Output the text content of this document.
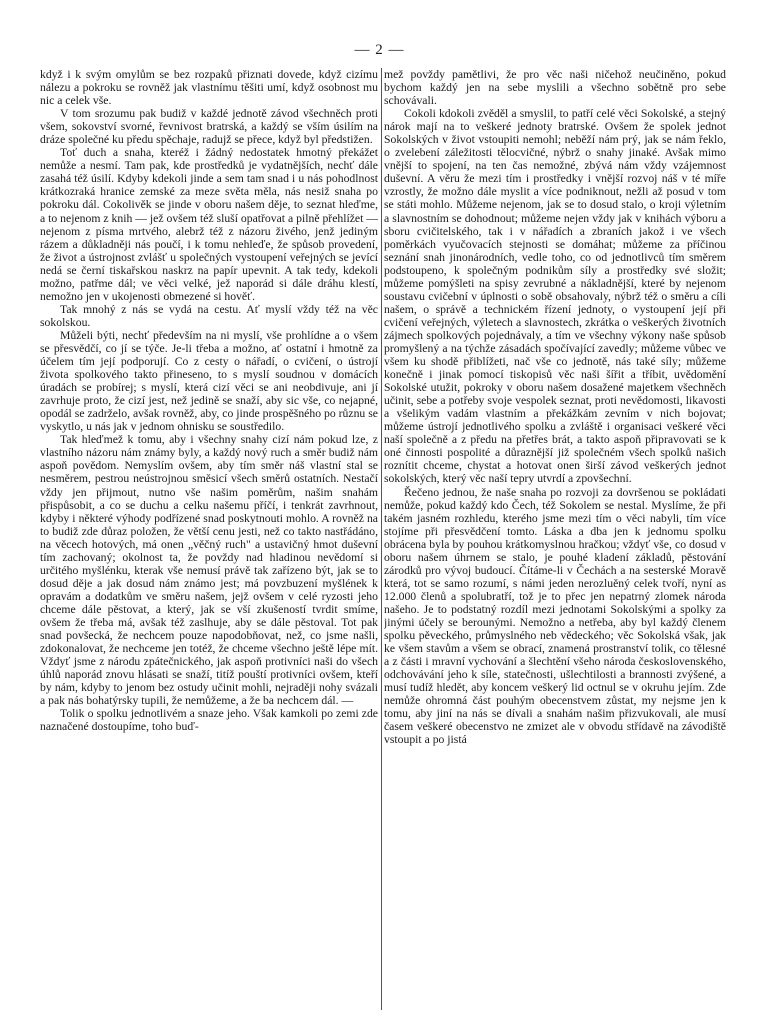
— 2 —

když i k svým omylům se bez rozpaků přiznati dovede, když cizímu nálezu a pokroku se rovněž jak vlastnímu těšiti umí, když osobnost mu nic a celek vše.

V tom srozumu pak budiž v každé jednotě závod všechněch proti všem, sokovství svorné, řevnivost bratrská, a každý se vším úsilím na dráze společné ku předu spěchaje, radujž se přece, když byl předstižen.

Toť duch a snaha, kteréž i žádný nedostatek hmotný překážet nemůže a nesmí. Tam pak, kde prostředků je vydatnějších, nechť dále zasahá též úsilí. Kdyby kdekoli jinde a sem tam snad i u nás pohodlnost krátkozraká hranice zemské za meze světa měla, nás nesiž snaha po pokroku dál. Cokolivěk se jinde v oboru našem děje, to seznat hleďme, a to nejenom z knih — jež ovšem též sluší opatřovat a pilně přehlížet — nejenom z písma mrtvého, alebrž též z názoru živého, jenž jediným rázem a důkladněji nás poučí, i k tomu nehleďe, že spůsob provedení, že život a ústrojnost zvlášť u společných vystoupení veřejných se jevící nedá se černí tiskařskou naskrz na papír upevnit. A tak tedy, kdekoli možno, patřme dál; ve věci velké, jež naporád si dále dráhu klestí, nemožno jen v ukojenosti obmezené si hověť.

Tak mnohý z nás se vydá na cestu. Ať myslí vždy též na věc sokolskou.

Můželi býti, nechť především na ni myslí, vše prohlídne a o všem se přesvědčí, co jí se týče. Je-li třeba a možno, ať ostatní i hmotně za účelem tím její podporují. Co z cesty o nářadí, o cvičení, o ústrojí života spolkového takto přineseno, to s myslí soudnou v domácích úradách se probírej; s myslí, která cizí věci se ani neobdivuje, ani jí zavrhuje proto, že cizí jest, než jedině se snaží, aby sic vše, co nejapné, opodál se zadrželo, avšak rovněž, aby, co jinde prospěšného po různu se vyskytlo, u nás jak v jednom ohnisku se soustředilo.

Tak hleďmež k tomu, aby i všechny snahy cizí nám pokud lze, z vlastního názoru nám známy byly, a každý nový ruch a směr budiž nám aspoň povědom. Nemyslím ovšem, aby tím směr náš vlastní stal se nesměrem, pestrou neústrojnou směsicí všech směrů ostatních. Nestačí vždy jen přijmout, nutno vše našim poměrům, našim snahám přispůsobit, a co se duchu a celku našemu příčí, i tenkrát zavrhnout, kdyby i některé výhody podřízené snad poskytnouti mohlo. A rovněž na to budiž zde důraz položen, že větší cenu jesti, než co takto nastřádáno, na věcech hotových, má onen „věčný ruch" a ustavičný hmot duševní tím zachovaný; okolnost ta, že povždy nad hladinou nevědomí si určitého myšlénku, kterak vše nemusí právě tak zařízeno být, jak se to dosud děje a jak dosud nám známo jest; má povzbuzení myšlének k opravám a dodatkům ve směru našem, jejž ovšem v celé ryzosti jeho chceme dále pěstovat, a který, jak se vší zkušeností tvrdit smíme, ovšem že třeba má, avšak též zaslhuje, aby se dále pěstoval. Tot pak snad povšecká, že nechcem pouze napodobňovat, než, co jsme našli, zdokonalovat, že nechceme jen totéž, že chceme všechno ještě lépe mít. Vždyť jsme z národu zpátečnického, jak aspoň protivníci naši do všech úhlů naporád znovu hlásati se snaží, titíž pouští protivníci ovšem, kteří by nám, kdyby to jenom bez ostudy učinit mohli, nejraději nohy svázali a pak nás bohatýrsky tupili, že nemůžeme, a že ba nechcem dál. —

Tolik o spolku jednotlivém a snaze jeho. Však kamkoli po zemi zde naznačené dostoupíme, toho buď-

mež povždy pamětlivi, že pro věc naši ničehož neučiněno, pokud bychom každý jen na sebe myslili a všechno sobětně pro sebe schovávali.

Cokoli kdokoli zvěděl a smyslil, to patří celé věci Sokolské, a stejný nárok mají na to veškeré jednoty bratrské. Ovšem že spolek jednot Sokolských v život vstoupiti nemohl; neběží nám prý, jak se nám řeklo, o zvelebení záležitosti tělocvičné, nýbrž o snahy jinaké. Avšak mimo vnější to spojení, na ten čas nemožné, zbývá nám vždy vzájemnost duševní. A věru že mezi tím i prostředky i vnější rozvoj náš v té míře vzrostly, že možno dále myslit a více podniknout, nežli až posud v tom se státi mohlo. Můžeme nejenom, jak se to dosud stalo, o kroji výletním a slavnostním se dohodnout; můžeme nejen vždy jak v knihách výboru a sboru cvičitelského, tak i v nářadích a zbraních jakož i ve všech poměrkách vyučovacích stejnosti se domáhat; můžeme za příčinou seznání snah jinonárodních, vedle toho, co od jednotlivců tím směrem podstoupeno, k společným podnikům síly a prostředky své složit; můžeme pomýšleti na spisy zevrubné a nákladnější, které by nejenom soustavu cvičební v úplnosti o sobě obsahovaly, nýbrž též o směru a cíli našem, o správě a technickém řízení jednoty, o vystoupení její při cvičení veřejných, výletech a slavnostech, zkrátka o veškerých životních zájmech spolkových pojednávaly, a tím ve všechny výkony naše spůsob promyšlený a na týchže zásadách spočívající zavedly; můžeme vůbec ve všem ku shodě přiblížeti, nač vše co jednotě, nás také síly; můžeme konečně i jinak pomocí tiskopisů věc naši šířit a tříbit, uvědomění Sokolské utužit, pokroky v oboru našem dosažené majetkem všechněch učinit, sebe a potřeby svoje vespolek seznat, proti nevědomosti, likavosti a všelikým vadám vlastním a překážkám zevním v nich bojovat; můžeme ústrojí jednotlivého spolku a zvláště i organisaci veškeré věci naší společně a z předu na přetřes brát, a takto aspoň připravovati se k oné činnosti pospolité a důraznější již společném všech spolků našich roznítit chceme, chystat a hotovat onen širší závod veškerých jednot sokolských, který věc naší tepry utvrdí a zpovšechní.

Řečeno jednou, že naše snaha po rozvoji za dovršenou se pokládati nemůže, pokud každý kdo Čech, též Sokolem se nestal. Myslíme, že při takém jasném rozhledu, kterého jsme mezi tím o věci nabyli, tím více stojíme při přesvědčení tomto. Láska a dba jen k jednomu spolku obrácena byla by pouhou krátkomyslnou hračkou; vždyť vše, co dosud v oboru našem úhrnem se stalo, je pouhé kladení základů, pěstování zárodků pro vývoj budoucí. Čítáme-li v Čechách a na sesterské Moravě která, tot se samo rozumí, s námi jeden nerozluěný celek tvoří, nyní as 12.000 členů a spolubratří, tož je to přec jen nepatrný zlomek národa našeho. Je to podstatný rozdíl mezi jednotami Sokolskými a spolky za jinými účely se berounými. Nemožno a netřeba, aby byl každý členem spolku pěveckého, průmyslného neb vědeckého; věc Sokolská však, jak ke všem stavům a všem se obrací, znamená prostranství tolik, co tělesné a z části i mravní vychování a šlechtění všeho národa československého, odchovávání jeho k síle, statečnosti, ušlechtilosti a brannosti zvýšené, a musí tudíž hledět, aby koncem veškerý lid octnul se v okruhu jejím. Zde nemůže ohromná část pouhým obecenstvem zůstat, my nejsme jen k tomu, aby jiní na nás se dívali a snahám našim přizvukovali, ale musí časem veškeré obecenstvo ne zmizet ale v obvodu střídavě na závodiště vstoupit a po jistá
